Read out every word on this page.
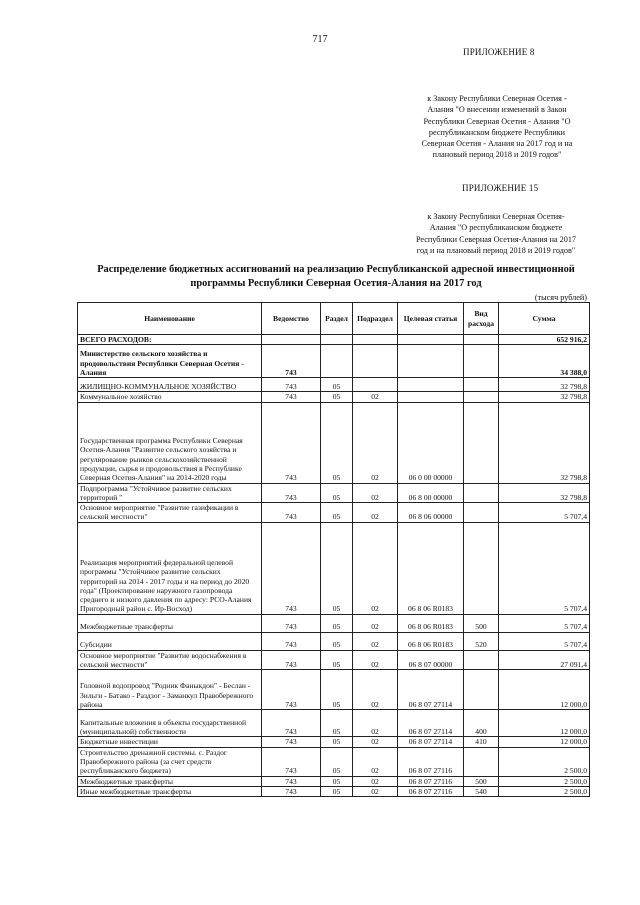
717
ПРИЛОЖЕНИЕ 8
к Закону Республики Северная Осетия -
Алания "О внесении изменений в Закон
Республики Северная Осетия - Алания "О
республиканском бюджете Республики
Северная Осетия - Алания на 2017 год и на
плановый период 2018 и 2019 годов"
ПРИЛОЖЕНИЕ 15
к Закону Республики Северная Осетия-
Алания "О республиканском бюджете
Республики Северная Осетия-Алания на 2017
год и на плановый период 2018 и 2019 годов"
Распределение бюджетных ассигнований на реализацию Республиканской адресной инвестиционной
программы Республики Северная Осетия-Алания на 2017 год
(тысяч рублей)
Наименование	Ведомство	Раздел	Подраздел	Целевая статья	Вид расхода	Сумма
ВСЕГО РАСХОДОВ:						652 916,2
Министерство сельского хозяйства и продовольствия Республики Северная Осетия - Алания	743					34 388,0
ЖИЛИЩНО-КОММУНАЛЬНОЕ ХОЗЯЙСТВО	743	05				32 798,8
Коммунальное хозяйство	743	05	02			32 798,8
Государственная программа Республики Северная Осетия-Алания "Развитие сельского хозяйства и регулирование рынков сельскохозяйственной продукции, сырья и продовольствия в Республике Северная Осетия-Алания" на 2014-2020 годы	743	05	02	06 0 00 00000		32 798,8
Подпрограмма "Устойчивое развитие сельских территорий "	743	05	02	06 8 00 00000		32 798,8
Основное мероприятие "Развитие газификации в сельской местности"	743	05	02	06 8 06 00000		5 707,4
Реализация мероприятий федеральной целевой программы "Устойчивое развитие сельских территорий на 2014 - 2017 годы и на период до 2020 года" (Проектирование наружного газопровода среднего и низкого давления по адресу: РСО-Алания Пригородный район с. Ир-Восход)	743	05	02	06 8 06 R0183		5 707,4
Межбюджетные трансферты	743	05	02	06 8 06 R0183	500	5 707,4
Субсидии	743	05	02	06 8 06 R0183	520	5 707,4
Основное мероприятие "Развитие водоснабжения в сельской местности"	743	05	02	06 8 07 00000		27 091,4
Головной водопровод "Родник Фаныкдон" - Беслан - Зильги - Батако - Раздзог - Заманкул Правобережного района	743	05	02	06 8 07 27114		12 000,0
Капитальные вложения в объекты государственной (муниципальной) собственности	743	05	02	06 8 07 27114	400	12 000,0
Бюджетные инвестиции	743	05	02	06 8 07 27114	410	12 000,0
Строительство дренажной системы. с. Раздог Правобережного района (за счет средств республиканского бюджета)	743	05	02	06 8 07 27116		2 500,0
Межбюджетные трансферты	743	05	02	06 8 07 27116	500	2 500,0
Иные межбюджетные трансферты	743	05	02	06 8 07 27116	540	2 500,0
